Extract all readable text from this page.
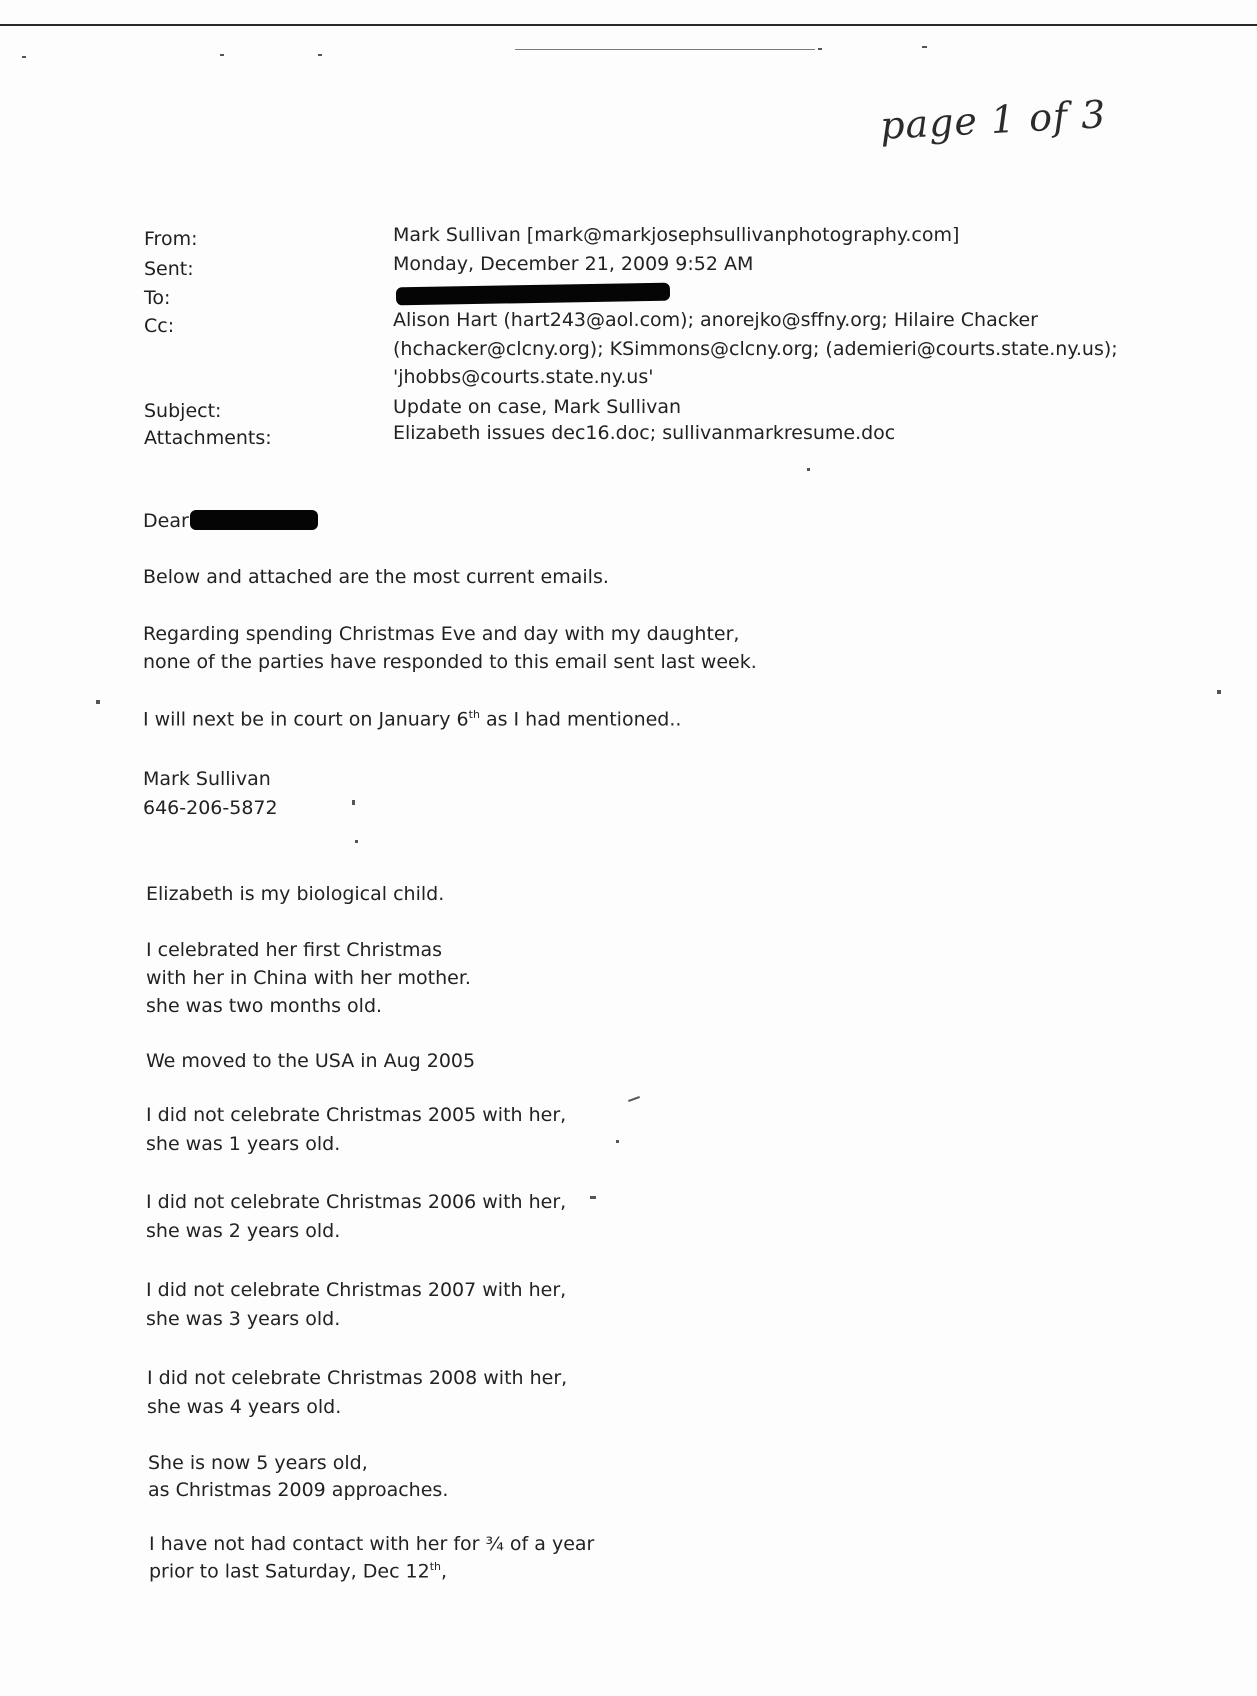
page 1 of 3
From:	Mark Sullivan [mark@markjosephsullivanphotography.com]
Sent:	Monday, December 21, 2009 9:52 AM
To:
Cc:	Alison Hart (hart243@aol.com); anorejko@sffny.org; Hilaire Chacker
(hchacker@clcny.org); KSimmons@clcny.org; (ademieri@courts.state.ny.us);
'jhobbs@courts.state.ny.us'
Subject:	Update on case, Mark Sullivan
Attachments:	Elizabeth issues dec16.doc; sullivanmarkresume.doc
Dear
Below and attached are the most current emails.
Regarding spending Christmas Eve and day with my daughter,
none of the parties have responded to this email sent last week.
I will next be in court on January 6th as I had mentioned..
Mark Sullivan
646-206-5872
Elizabeth is my biological child.
I celebrated her first Christmas
with her in China with her mother.
she was two months old.
We moved to the USA in Aug 2005
I did not celebrate Christmas 2005 with her,
she was 1 years old.
I did not celebrate Christmas 2006 with her,
she was 2 years old.
I did not celebrate Christmas 2007 with her,
she was 3 years old.
I did not celebrate Christmas 2008 with her,
she was 4 years old.
She is now 5 years old,
as Christmas 2009 approaches.
I have not had contact with her for ¾ of a year
prior to last Saturday, Dec 12th,
